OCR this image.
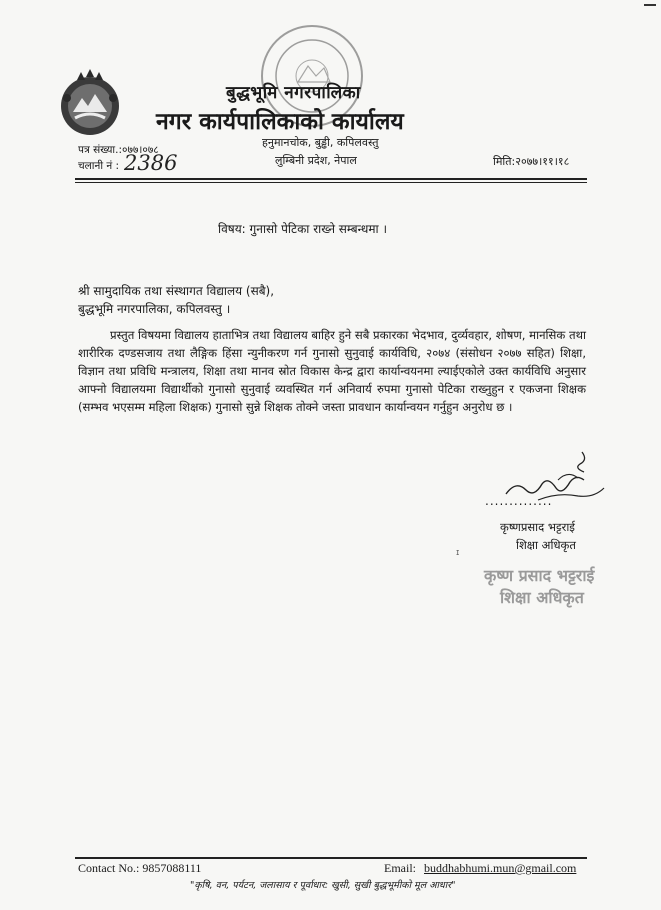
बुद्धभूमि नगरपालिका
नगर कार्यपालिकाको कार्यालय
हनुमानचोक, बुड्ढी, कपिलवस्तु
लुम्बिनी प्रदेश, नेपाल
पत्र संख्या.:०७७।०७८
चलानी नं : 2386	मिति:२०७७।११।१८
विषय: गुनासो पेटिका राख्ने सम्बन्धमा ।
श्री सामुदायिक तथा संस्थागत विद्यालय (सबै),
बुद्धभूमि नगरपालिका, कपिलवस्तु ।

प्रस्तुत विषयमा विद्यालय हाताभित्र तथा विद्यालय बाहिर हुने सबै प्रकारका भेदभाव, दुर्व्यवहार, शोषण, मानसिक तथा शारीरिक दण्डसजाय तथा लैङ्गिक हिंसा न्युनीकरण गर्न गुनासो सुनुवाई कार्यविधि, २०७४ (संसोधन २०७७ सहित) शिक्षा, विज्ञान तथा प्रविधि मन्त्रालय, शिक्षा तथा मानव स्रोत विकास केन्द्र द्वारा कार्यान्वयनमा ल्याईएकोले उक्त कार्यविधि अनुसार आफ्नो विद्यालयमा विद्यार्थीको गुनासो सुनुवाई व्यवस्थित गर्न अनिवार्य रुपमा गुनासो पेटिका राख्नुहुन र एकजना शिक्षक (सम्भव भएसम्म महिला शिक्षक) गुनासो सुन्ने शिक्षक तोक्ने जस्ता प्रावधान कार्यान्वयन गर्नुहुन अनुरोध छ ।

..............
कृष्णप्रसाद भट्टराई
शिक्षा अधिकृत
ɪ
कृष्ण प्रसाद भट्टराई
शिक्षा अधिकृत
Contact No.: 9857088111	Email: buddhabhumi.mun@gmail.com
"कृषि, वन, पर्यटन, जलासाय र पूर्वाधार: खुसी, सुखी बुद्धभूमीको मूल आधार"
